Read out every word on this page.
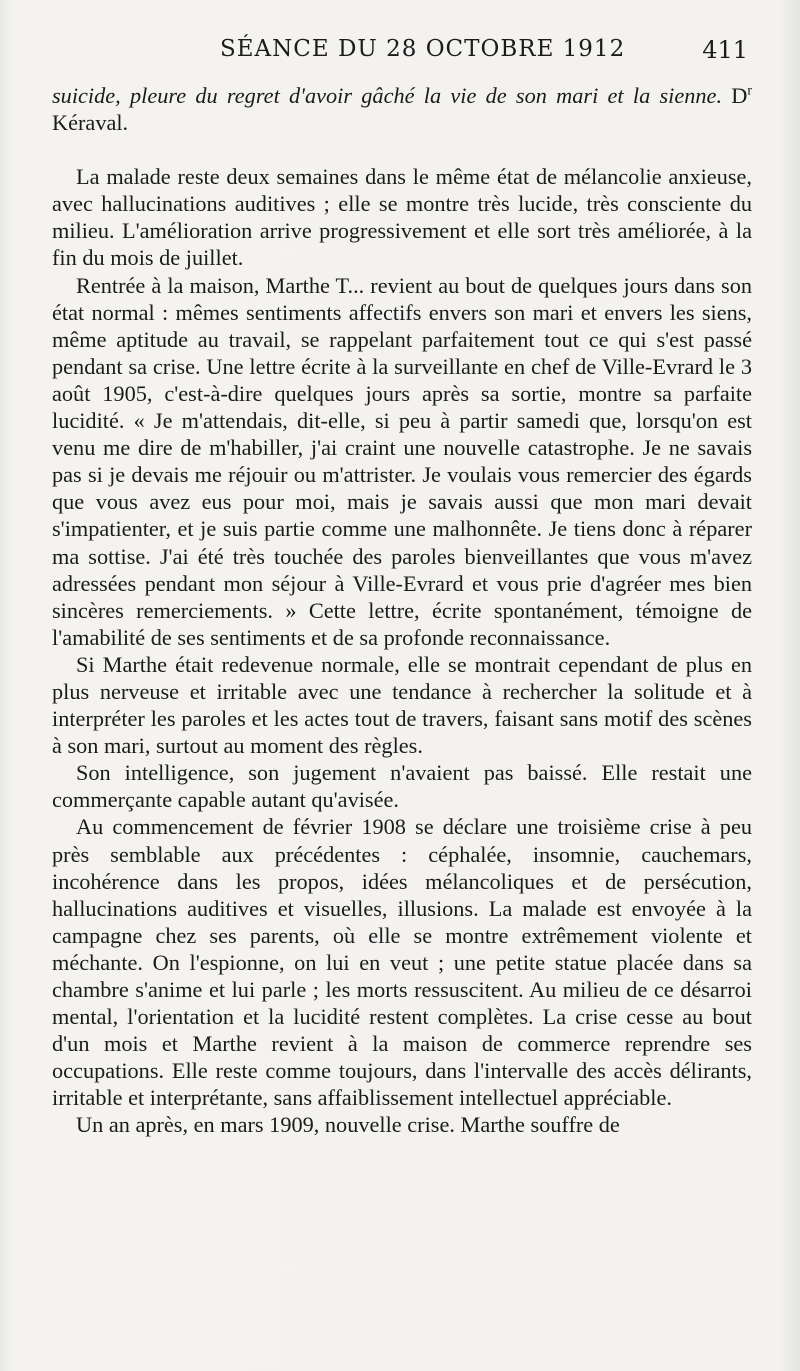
SÉANCE DU 28 OCTOBRE 1912	411

suicide, pleure du regret d'avoir gâché la vie de son mari et la sienne. $D^r$ Kéraval.

La malade reste deux semaines dans le même état de mélancolie anxieuse, avec hallucinations auditives ; elle se montre très lucide, très consciente du milieu. L'amélioration arrive progressivement et elle sort très améliorée, à la fin du mois de juillet.

Rentrée à la maison, Marthe T... revient au bout de quelques jours dans son état normal : mêmes sentiments affectifs envers son mari et envers les siens, même aptitude au travail, se rappelant parfaitement tout ce qui s'est passé pendant sa crise. Une lettre écrite à la surveillante en chef de Ville-Evrard le 3 août 1905, c'est-à-dire quelques jours après sa sortie, montre sa parfaite lucidité. « Je m'attendais, dit-elle, si peu à partir samedi que, lorsqu'on est venu me dire de m'habiller, j'ai craint une nouvelle catastrophe. Je ne savais pas si je devais me réjouir ou m'attrister. Je voulais vous remercier des égards que vous avez eus pour moi, mais je savais aussi que mon mari devait s'impatienter, et je suis partie comme une malhonnête. Je tiens donc à réparer ma sottise. J'ai été très touchée des paroles bienveillantes que vous m'avez adressées pendant mon séjour à Ville-Evrard et vous prie d'agréer mes bien sincères remerciements. » Cette lettre, écrite spontanément, témoigne de l'amabilité de ses sentiments et de sa profonde reconnaissance.

Si Marthe était redevenue normale, elle se montrait cependant de plus en plus nerveuse et irritable avec une tendance à rechercher la solitude et à interpréter les paroles et les actes tout de travers, faisant sans motif des scènes à son mari, surtout au moment des règles.

Son intelligence, son jugement n'avaient pas baissé. Elle restait une commerçante capable autant qu'avisée.

Au commencement de février 1908 se déclare une troisième crise à peu près semblable aux précédentes : céphalée, insomnie, cauchemars, incohérence dans les propos, idées mélancoliques et de persécution, hallucinations auditives et visuelles, illusions. La malade est envoyée à la campagne chez ses parents, où elle se montre extrêmement violente et méchante. On l'espionne, on lui en veut ; une petite statue placée dans sa chambre s'anime et lui parle ; les morts ressuscitent. Au milieu de ce désarroi mental, l'orientation et la lucidité restent complètes. La crise cesse au bout d'un mois et Marthe revient à la maison de commerce reprendre ses occupations. Elle reste comme toujours, dans l'intervalle des accès délirants, irritable et interprétante, sans affaiblissement intellectuel appréciable.

Un an après, en mars 1909, nouvelle crise. Marthe souffre de
